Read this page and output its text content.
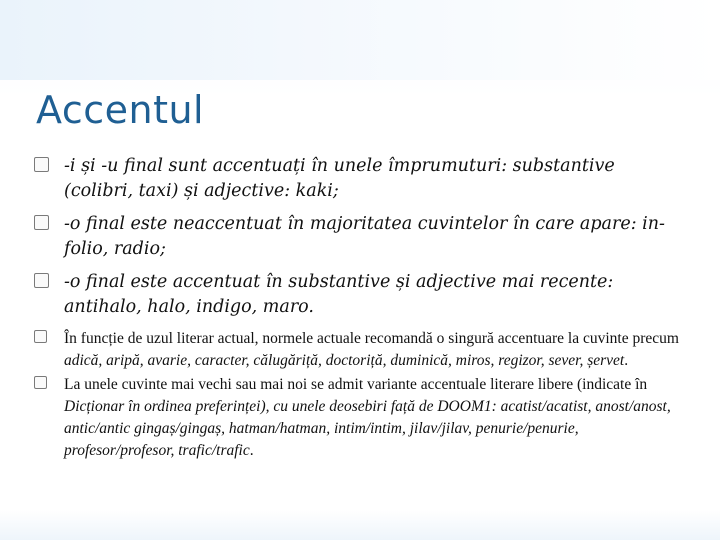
Accentul
-i și -u final sunt accentuați în unele împrumuturi: substantive (colibri, taxi) și adjective: kaki;
-o final este neaccentuat în majoritatea cuvintelor în care apare: in-folio, radio;
-o final este accentuat în substantive și adjective mai recente: antihalo, halo, indigo, maro.
În funcție de uzul literar actual, normele actuale recomandă o singură accentuare la cuvinte precum adică, aripă, avarie, caracter, călugăriță, doctoriță, duminică, miros, regizor, sever, șervet.
La unele cuvinte mai vechi sau mai noi se admit variante accentuale literare libere (indicate în Dicționar în ordinea preferinței), cu unele deosebiri față de DOOM1: acatist/acatist, anost/anost, antic/antic gingaș/gingaș, hatman/hatman, intim/intim, jilav/jilav, penurie/penurie, profesor/profesor, trafic/trafic.
